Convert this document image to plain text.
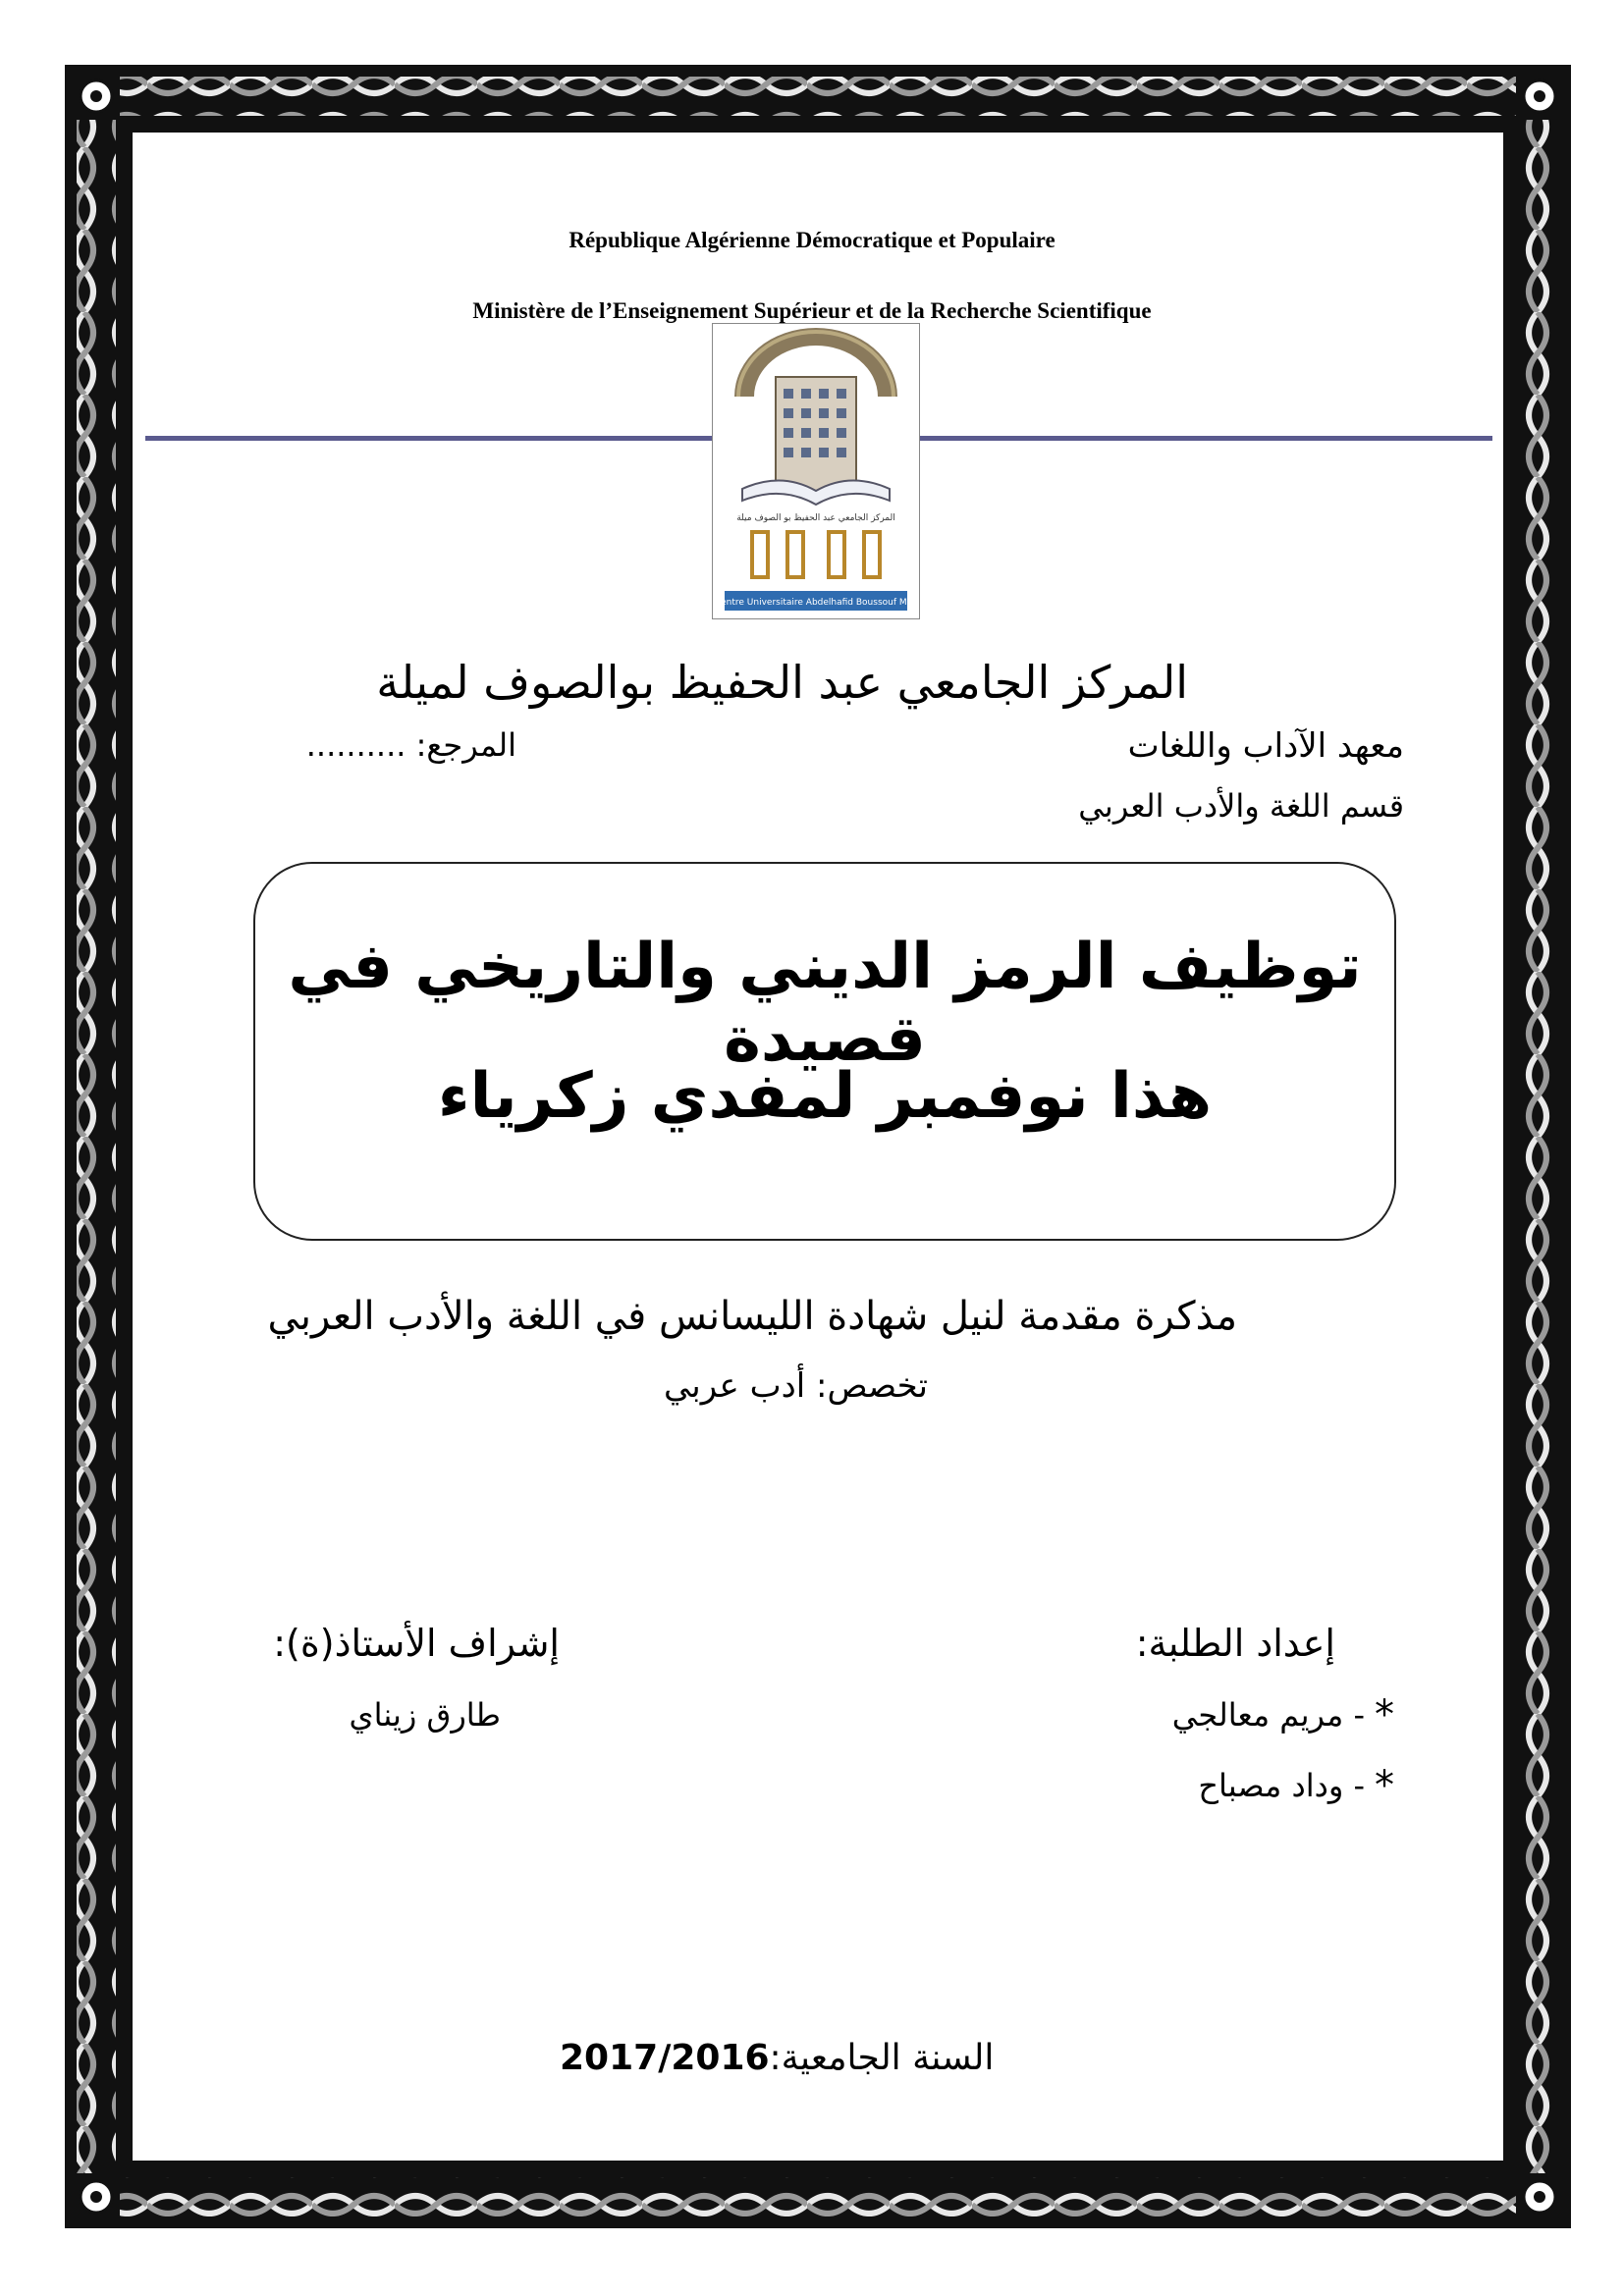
République Algérienne Démocratique et Populaire
Ministère de l’Enseignement Supérieur et de la Recherche Scientifique
المركز الجامعي عبد الحفيظ بو الصوف ميلة
Centre Universitaire Abdelhafid Boussouf Mila
المركز الجامعي عبد الحفيظ بوالصوف لميلة
معهد الآداب واللغات
المرجع: ..........
قسم اللغة والأدب العربي
توظيف الرمز الديني والتاريخي في قصيدة
هذا نوفمبر لمفدي زكرياء
مذكرة مقدمة لنيل شهادة الليسانس في اللغة والأدب العربي
تخصص: أدب عربي
إعداد الطلبة:
*
- مريم معالجي
*
- وداد مصباح
إشراف الأستاذ(ة):
طارق زيناي
2017/2016السنة الجامعية:
